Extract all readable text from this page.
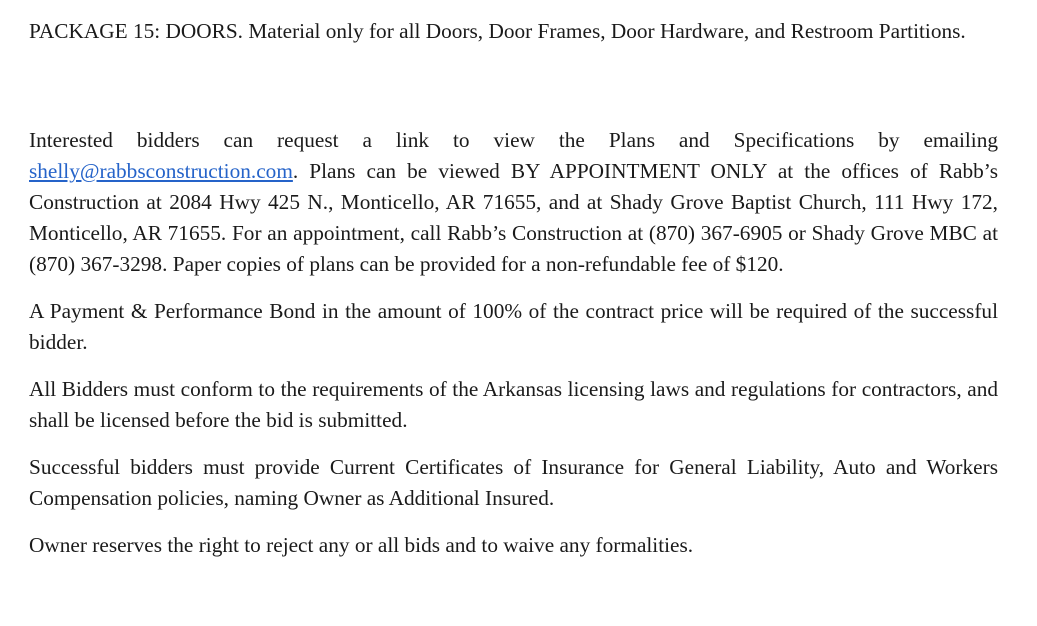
PACKAGE 15: DOORS. Material only for all Doors, Door Frames, Door Hardware, and Restroom Partitions.

Interested bidders can request a link to view the Plans and Specifications by emailing shelly@rabbsconstruction.com. Plans can be viewed BY APPOINTMENT ONLY at the offices of Rabb’s Construction at 2084 Hwy 425 N., Monticello, AR 71655, and at Shady Grove Baptist Church, 111 Hwy 172, Monticello, AR 71655. For an appointment, call Rabb’s Construction at (870) 367-6905 or Shady Grove MBC at (870) 367-3298. Paper copies of plans can be provided for a non-refundable fee of $120.

A Payment & Performance Bond in the amount of 100% of the contract price will be required of the successful bidder.

All Bidders must conform to the requirements of the Arkansas licensing laws and regulations for contractors, and shall be licensed before the bid is submitted.

Successful bidders must provide Current Certificates of Insurance for General Liability, Auto and Workers Compensation policies, naming Owner as Additional Insured.

Owner reserves the right to reject any or all bids and to waive any formalities.
